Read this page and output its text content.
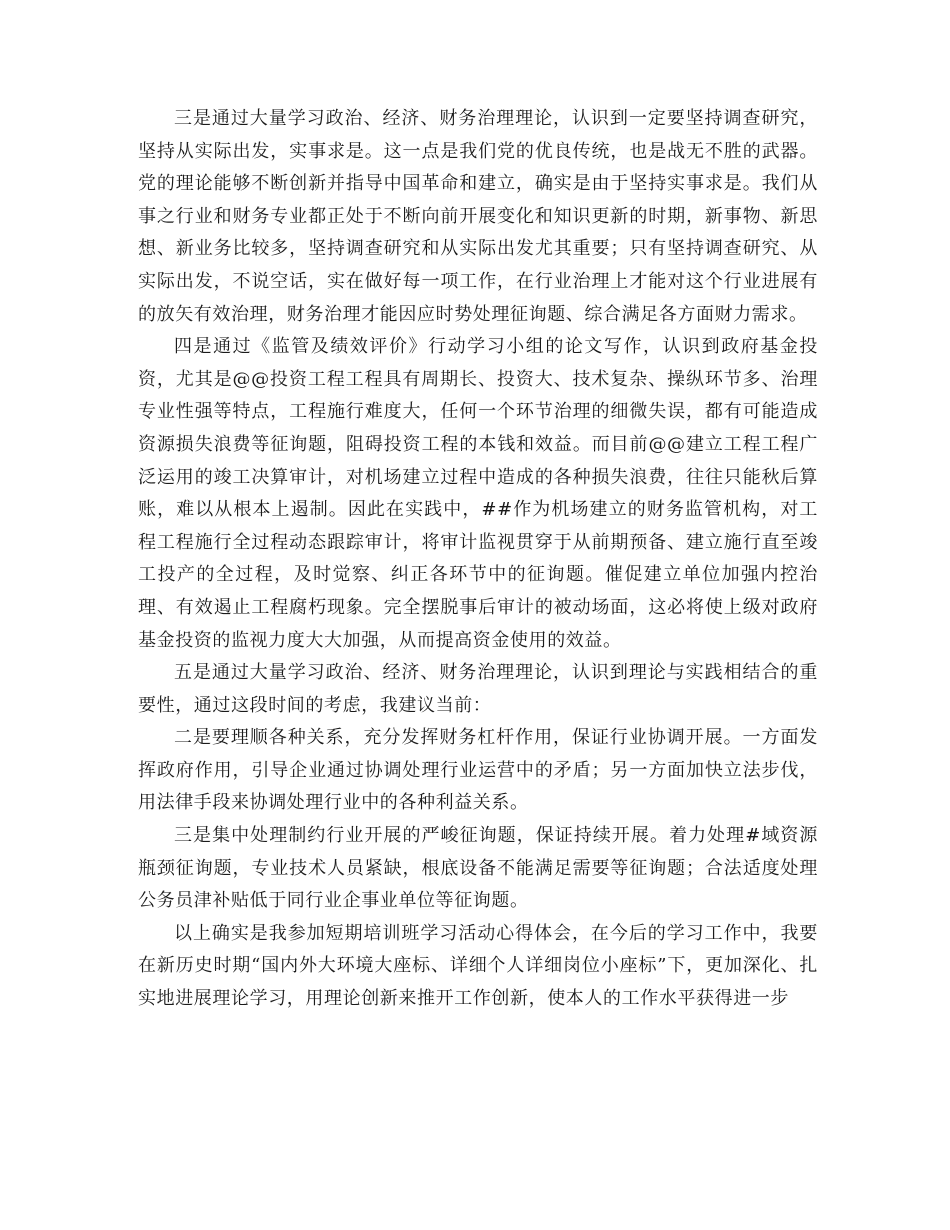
三是通过大量学习政治、经济、财务治理理论，认识到一定要坚持调查研究，坚持从实际出发，实事求是。这一点是我们党的优良传统，也是战无不胜的武器。党的理论能够不断创新并指导中国革命和建立，确实是由于坚持实事求是。我们从事之行业和财务专业都正处于不断向前开展变化和知识更新的时期，新事物、新思想、新业务比较多，坚持调查研究和从实际出发尤其重要；只有坚持调查研究、从实际出发，不说空话，实在做好每一项工作，在行业治理上才能对这个行业进展有的放矢有效治理，财务治理才能因应时势处理征询题、综合满足各方面财力需求。

四是通过《监管及绩效评价》行动学习小组的论文写作，认识到政府基金投资，尤其是@@投资工程工程具有周期长、投资大、技术复杂、操纵环节多、治理专业性强等特点，工程施行难度大，任何一个环节治理的细微失误，都有可能造成资源损失浪费等征询题，阻碍投资工程的本钱和效益。而目前@@建立工程工程广泛运用的竣工决算审计，对机场建立过程中造成的各种损失浪费，往往只能秋后算账，难以从根本上遏制。因此在实践中，##作为机场建立的财务监管机构，对工程工程施行全过程动态跟踪审计，将审计监视贯穿于从前期预备、建立施行直至竣工投产的全过程，及时觉察、纠正各环节中的征询题。催促建立单位加强内控治理、有效遏止工程腐朽现象。完全摆脱事后审计的被动场面，这必将使上级对政府基金投资的监视力度大大加强，从而提高资金使用的效益。

五是通过大量学习政治、经济、财务治理理论，认识到理论与实践相结合的重要性，通过这段时间的考虑，我建议当前：

二是要理顺各种关系，充分发挥财务杠杆作用，保证行业协调开展。一方面发挥政府作用，引导企业通过协调处理行业运营中的矛盾；另一方面加快立法步伐，用法律手段来协调处理行业中的各种利益关系。

三是集中处理制约行业开展的严峻征询题，保证持续开展。着力处理#域资源瓶颈征询题，专业技术人员紧缺，根底设备不能满足需要等征询题；合法适度处理公务员津补贴低于同行业企事业单位等征询题。

以上确实是我参加短期培训班学习活动心得体会，在今后的学习工作中，我要在新历史时期“国内外大环境大座标、详细个人详细岗位小座标”下，更加深化、扎实地进展理论学习，用理论创新来推开工作创新，使本人的工作水平获得进一步
